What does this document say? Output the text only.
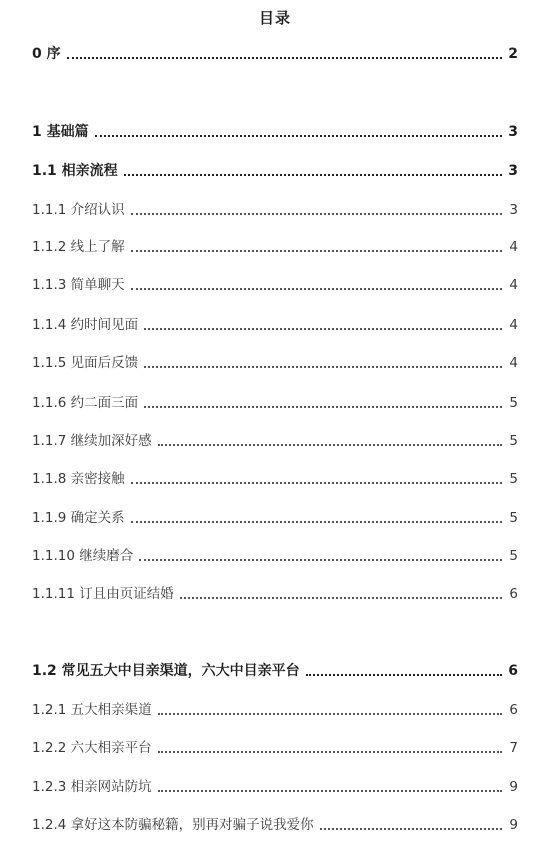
目录
0 序	2
1 基础篇	3
1.1 相亲流程	3
1.1.1 介绍认识	3
1.1.2 线上了解	4
1.1.3 简单聊天	4
1.1.4 约时间见面	4
1.1.5 见面后反馈	4
1.1.6 约二面三面	5
1.1.7 继续加深好感	5
1.1.8 亲密接触	5
1.1.9 确定关系	5
1.1.10 继续磨合	5
1.1.11 订且由页证结婚	6
1.2 常见五大中目亲渠道，六大中目亲平台	6
1.2.1 五大相亲渠道	6
1.2.2 六大相亲平台	7
1.2.3 相亲网站防坑	9
1.2.4 拿好这本防骗秘籍，别再对骗子说我爱你	9
